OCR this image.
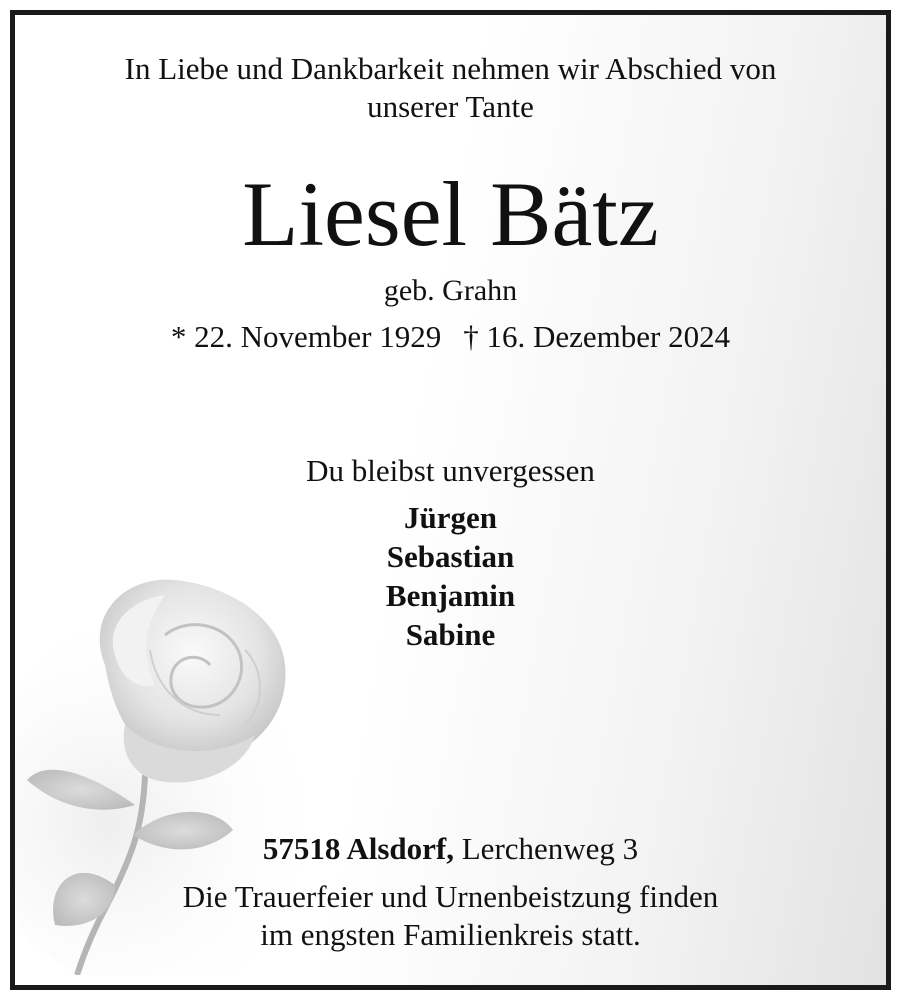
In Liebe und Dankbarkeit nehmen wir Abschied von
unserer Tante
Liesel Bätz
geb. Grahn
* 22. November 1929 † 16. Dezember 2024
Du bleibst unvergessen
Jürgen
Sebastian
Benjamin
Sabine
57518 Alsdorf, Lerchenweg 3
Die Trauerfeier und Urnenbeistzung finden
im engsten Familienkreis statt.
